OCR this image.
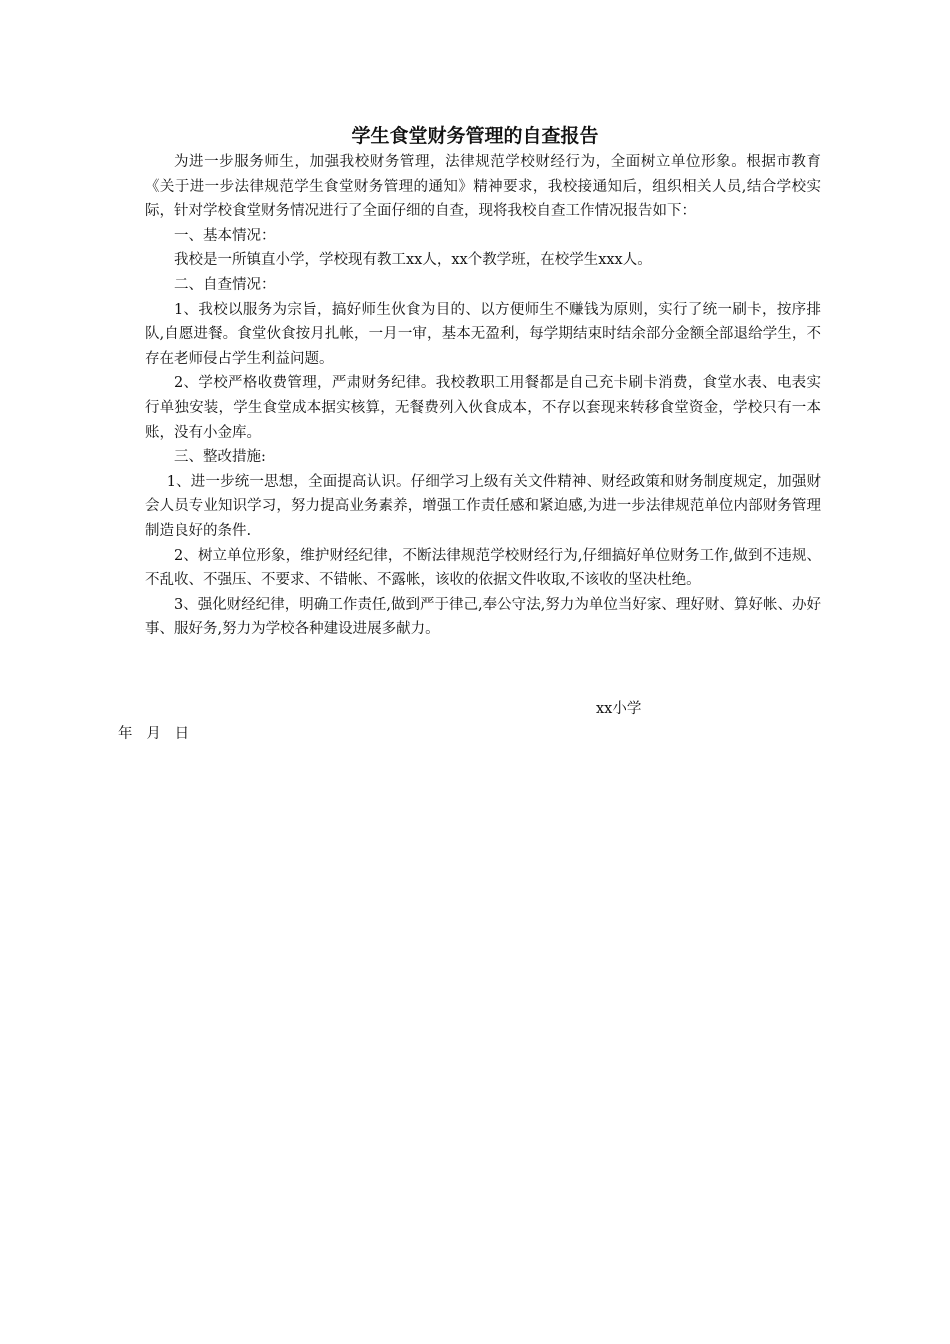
学生食堂财务管理的自查报告

为进一步服务师生，加强我校财务管理，法律规范学校财经行为，全面树立单位形象。根据市教育《关于进一步法律规范学生食堂财务管理的通知》精神要求，我校接通知后，组织相关人员,结合学校实际，针对学校食堂财务情况进行了全面仔细的自查，现将我校自查工作情况报告如下：

一、基本情况：

我校是一所镇直小学，学校现有教工xx人，xx个教学班，在校学生xxx人。

二、自查情况：

1、我校以服务为宗旨，搞好师生伙食为目的、以方便师生不赚钱为原则，实行了统一刷卡，按序排队,自愿进餐。食堂伙食按月扎帐，一月一审，基本无盈利，每学期结束时结余部分金额全部退给学生，不存在老师侵占学生利益问题。

2、学校严格收费管理，严肃财务纪律。我校教职工用餐都是自己充卡刷卡消费，食堂水表、电表实行单独安装，学生食堂成本据实核算，无餐费列入伙食成本，不存以套现来转移食堂资金，学校只有一本账，没有小金库。

三、整改措施:

1、进一步统一思想，全面提高认识。仔细学习上级有关文件精神、财经政策和财务制度规定，加强财会人员专业知识学习，努力提高业务素养，增强工作责任感和紧迫感,为进一步法律规范单位内部财务管理制造良好的条件.

2、树立单位形象，维护财经纪律，不断法律规范学校财经行为,仔细搞好单位财务工作,做到不违规、不乱收、不强压、不要求、不错帐、不露帐，该收的依据文件收取,不该收的坚决杜绝。

3、强化财经纪律，明确工作责任,做到严于律己,奉公守法,努力为单位当好家、理好财、算好帐、办好事、服好务,努力为学校各种建设进展多献力。

xx小学
年   月   日
